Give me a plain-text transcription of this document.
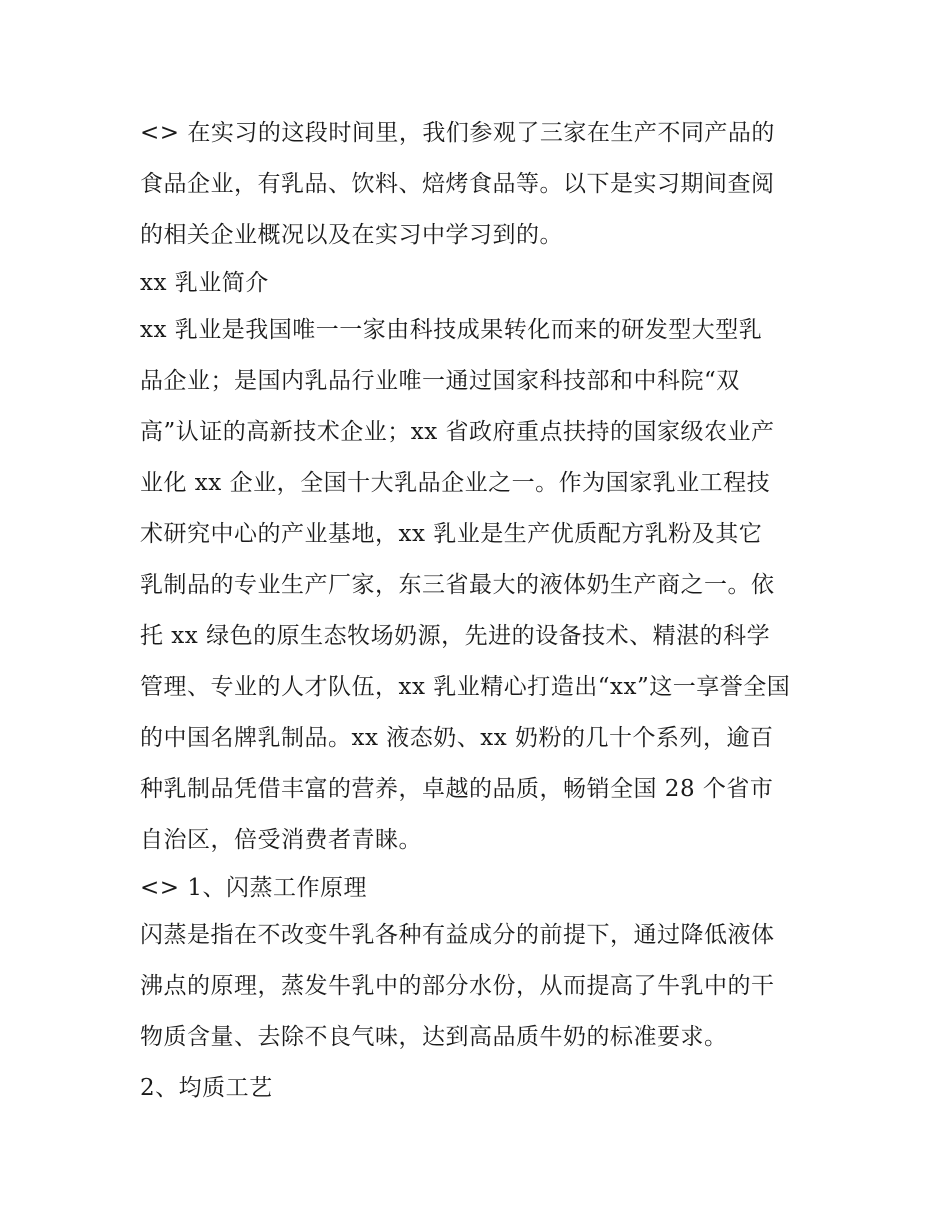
<> 在实习的这段时间里，我们参观了三家在生产不同产品的

食品企业，有乳品、饮料、焙烤食品等。以下是实习期间查阅

的相关企业概况以及在实习中学习到的。

xx 乳业简介

xx 乳业是我国唯一一家由科技成果转化而来的研发型大型乳

品企业；是国内乳品行业唯一通过国家科技部和中科院“双

高”认证的高新技术企业；xx 省政府重点扶持的国家级农业产

业化 xx 企业，全国十大乳品企业之一。作为国家乳业工程技

术研究中心的产业基地，xx 乳业是生产优质配方乳粉及其它

乳制品的专业生产厂家，东三省最大的液体奶生产商之一。依

托 xx 绿色的原生态牧场奶源，先进的设备技术、精湛的科学

管理、专业的人才队伍，xx 乳业精心打造出“xx”这一享誉全国

的中国名牌乳制品。xx 液态奶、xx 奶粉的几十个系列，逾百

种乳制品凭借丰富的营养，卓越的品质，畅销全国 28 个省市

自治区，倍受消费者青睐。

<> 1、闪蒸工作原理

闪蒸是指在不改变牛乳各种有益成分的前提下，通过降低液体

沸点的原理，蒸发牛乳中的部分水份，从而提高了牛乳中的干

物质含量、去除不良气味，达到高品质牛奶的标准要求。

2、均质工艺
